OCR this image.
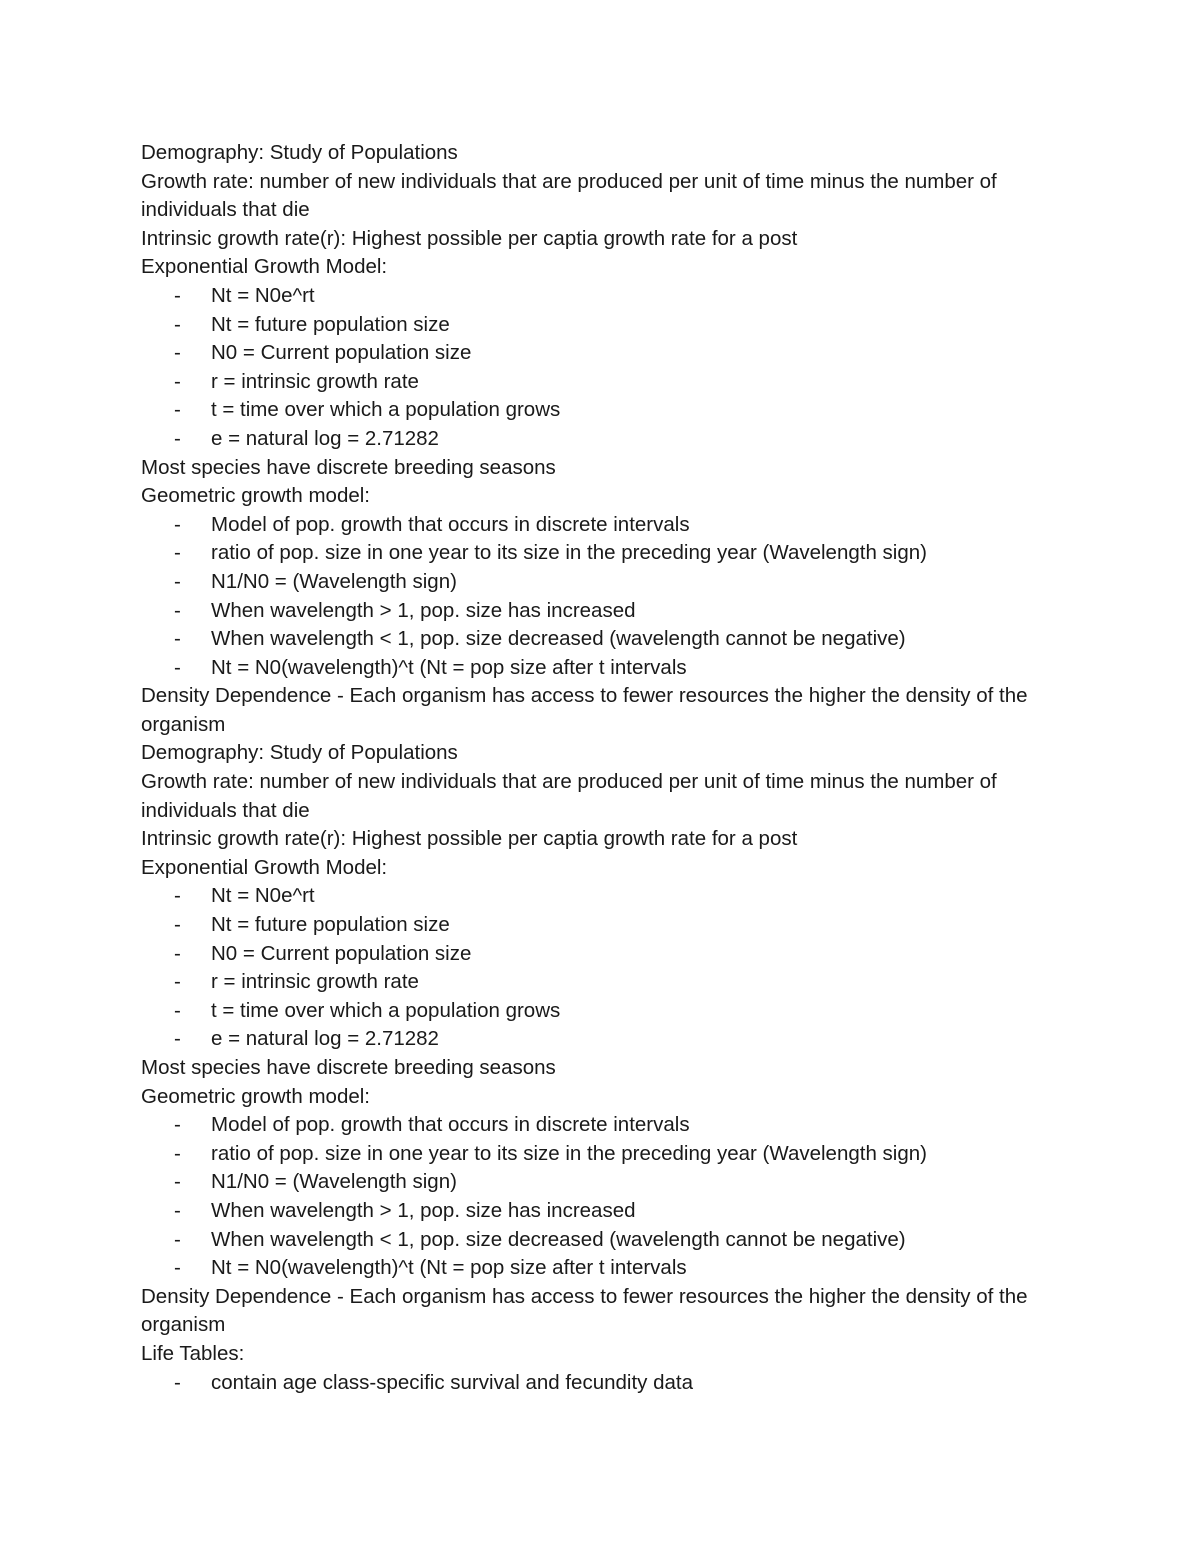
Demography: Study of Populations

Growth rate: number of new individuals that are produced per unit of time minus the number of individuals that die

Intrinsic growth rate(r): Highest possible per captia growth rate for a post

Exponential Growth Model:

- Nt = N0e^rt
- Nt = future population size
- N0 = Current population size
- r = intrinsic growth rate
- t = time over which a population grows
- e = natural log = 2.71282

Most species have discrete breeding seasons

Geometric growth model:

- Model of pop. growth that occurs in discrete intervals
- ratio of pop. size in one year to its size in the preceding year (Wavelength sign)
- N1/N0 = (Wavelength sign)
- When wavelength > 1, pop. size has increased
- When wavelength < 1, pop. size decreased (wavelength cannot be negative)
- Nt = N0(wavelength)^t (Nt = pop size after t intervals

Density Dependence - Each organism has access to fewer resources the higher the density of the organism

Demography: Study of Populations

Growth rate: number of new individuals that are produced per unit of time minus the number of individuals that die

Intrinsic growth rate(r): Highest possible per captia growth rate for a post

Exponential Growth Model:

- Nt = N0e^rt
- Nt = future population size
- N0 = Current population size
- r = intrinsic growth rate
- t = time over which a population grows
- e = natural log = 2.71282

Most species have discrete breeding seasons

Geometric growth model:

- Model of pop. growth that occurs in discrete intervals
- ratio of pop. size in one year to its size in the preceding year (Wavelength sign)
- N1/N0 = (Wavelength sign)
- When wavelength > 1, pop. size has increased
- When wavelength < 1, pop. size decreased (wavelength cannot be negative)
- Nt = N0(wavelength)^t (Nt = pop size after t intervals

Density Dependence - Each organism has access to fewer resources the higher the density of the organism

Life Tables:

- contain age class-specific survival and fecundity data
